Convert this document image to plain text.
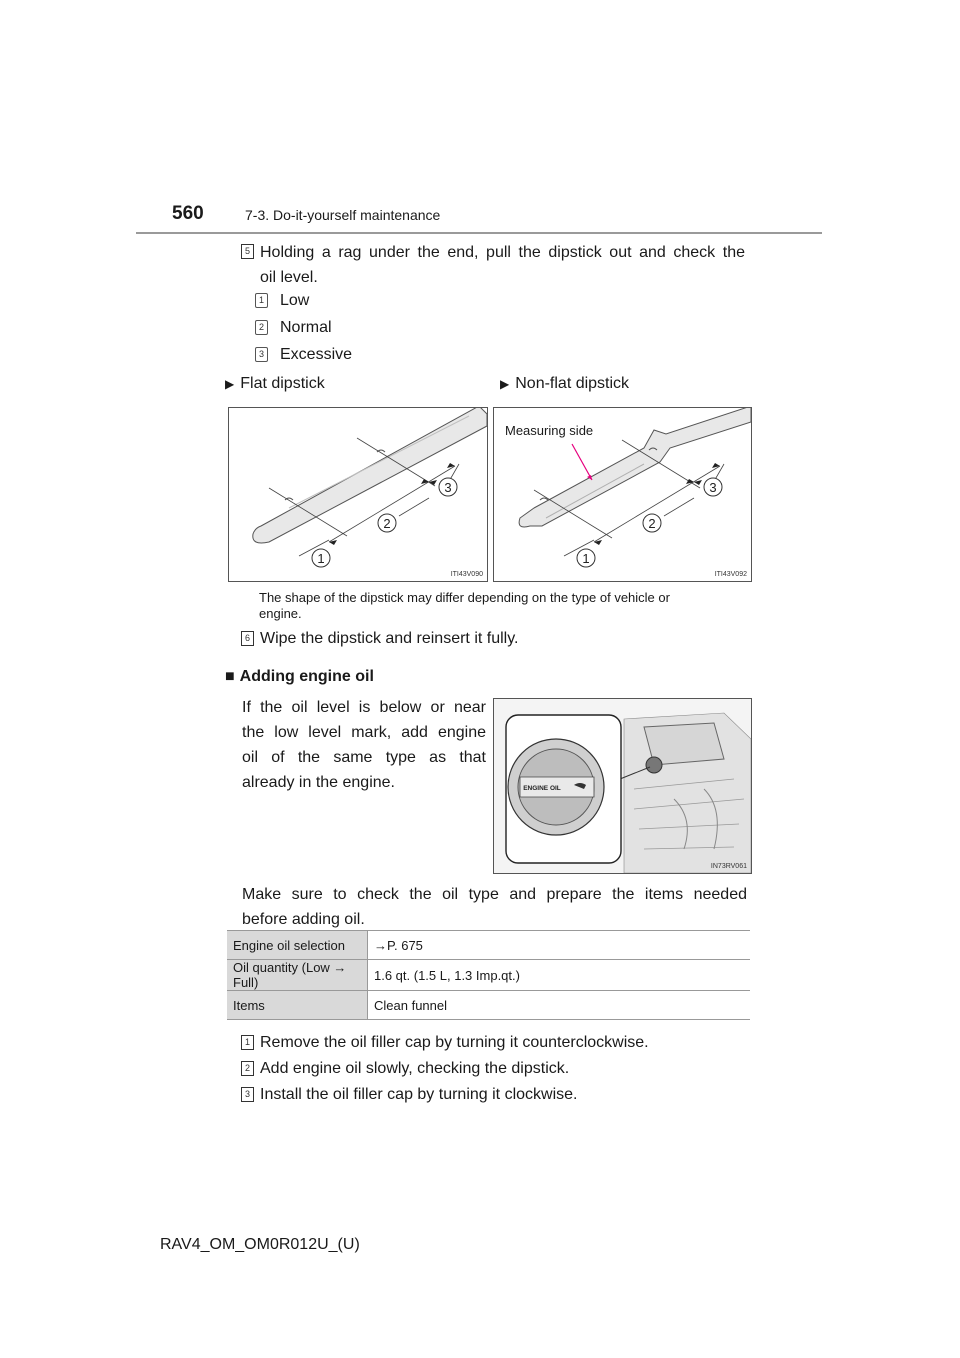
560	7-3. Do-it-yourself maintenance
5 Holding a rag under the end, pull the dipstick out and check the
oil level.
1 Low
2 Normal
3 Excessive
▶ Flat dipstick	▶ Non-flat dipstick
1
2
3
ITI43V090
1
2
3
Measuring side
ITI43V092
The shape of the dipstick may differ depending on the type of vehicle or
engine.
6 Wipe the dipstick and reinsert it fully.
■ Adding engine oil
If the oil level is below or near
the low level mark, add engine
oil of the same type as that
already in the engine.	ENGINE OIL
IN73RV061
Make sure to check the oil type and prepare the items needed
before adding oil.
Engine oil selection	→P. 675
Oil quantity (Low → Full)	1.6 qt. (1.5 L, 1.3 Imp.qt.)
Items	Clean funnel
1 Remove the oil filler cap by turning it counterclockwise.
2 Add engine oil slowly, checking the dipstick.
3 Install the oil filler cap by turning it clockwise.
RAV4_OM_OM0R012U_(U)
